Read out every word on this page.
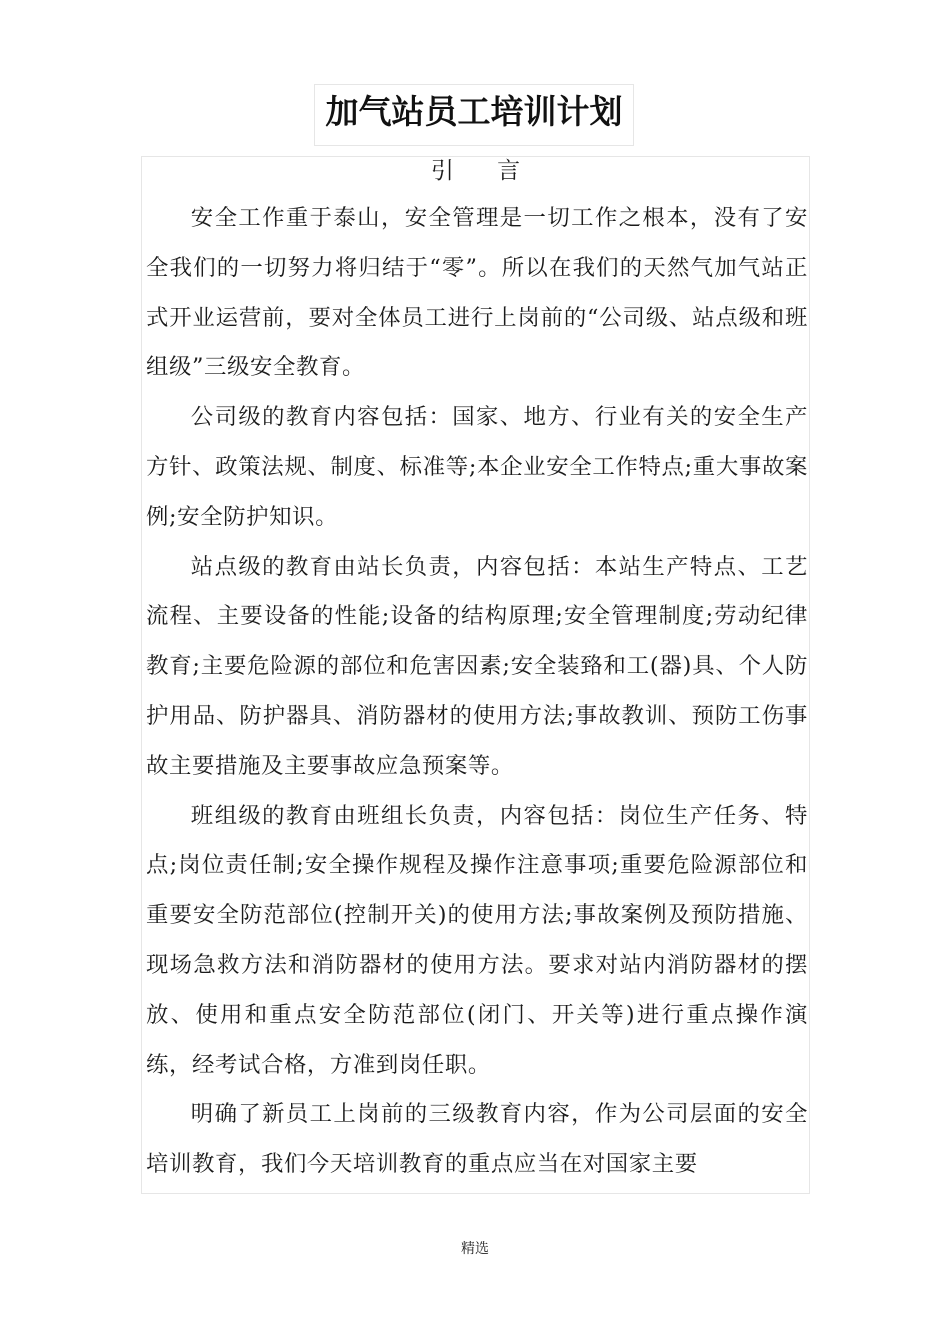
加气站员工培训计划

引 言

安全工作重于泰山，安全管理是一切工作之根本，没有了安全我们的一切努力将归结于“零”。所以在我们的天然气加气站正式开业运营前，要对全体员工进行上岗前的“公司级、站点级和班组级”三级安全教育。

公司级的教育内容包括：国家、地方、行业有关的安全生产方针、政策法规、制度、标准等;本企业安全工作特点;重大事故案例;安全防护知识。

站点级的教育由站长负责，内容包括：本站生产特点、工艺流程、主要设备的性能;设备的结构原理;安全管理制度;劳动纪律教育;主要危险源的部位和危害因素;安全装臵和工(器)具、个人防护用品、防护器具、消防器材的使用方法;事故教训、预防工伤事故主要措施及主要事故应急预案等。

班组级的教育由班组长负责，内容包括：岗位生产任务、特点;岗位责任制;安全操作规程及操作注意事项;重要危险源部位和重要安全防范部位(控制开关)的使用方法;事故案例及预防措施、现场急救方法和消防器材的使用方法。要求对站内消防器材的摆放、使用和重点安全防范部位(闭门、开关等)进行重点操作演练，经考试合格，方准到岗任职。

明确了新员工上岗前的三级教育内容，作为公司层面的安全培训教育，我们今天培训教育的重点应当在对国家主要

精选
